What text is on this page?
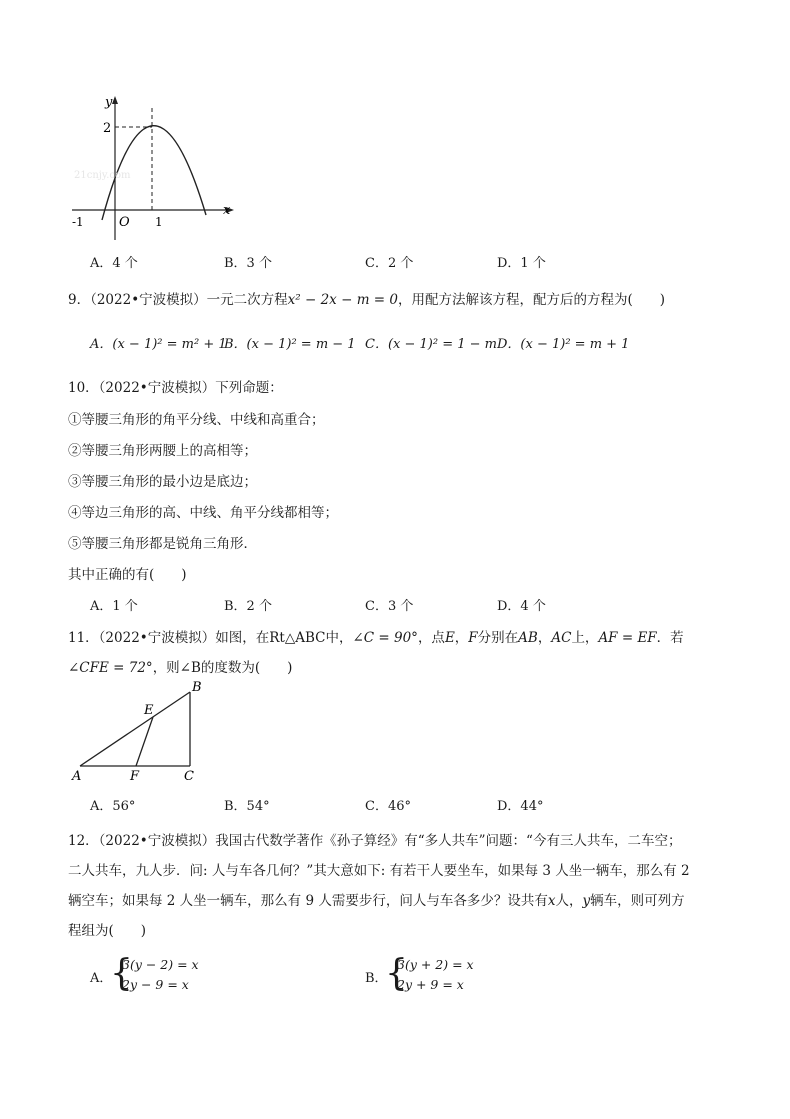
y
x
2
O
-1	1
21cnjy.com
A．4 个	B．3 个	C．2 个	D．1 个
9．（2022•宁波模拟）一元二次方程x² − 2x − m = 0，用配方法解该方程，配方后的方程为(　　)
A．(x − 1)² = m² + 1
B．(x − 1)² = m − 1 C．(x − 1)² = 1 − m D．(x − 1)² = m + 1
10．（2022•宁波模拟）下列命题：
①等腰三角形的角平分线、中线和高重合；
②等腰三角形两腰上的高相等；
③等腰三角形的最小边是底边；
④等边三角形的高、中线、角平分线都相等；
⑤等腰三角形都是锐角三角形．
其中正确的有(　　)
A．1 个	B．2 个	C．3 个	D．4 个
11．（2022•宁波模拟）如图，在Rt△ABC中，∠C = 90°，点E，F分别在AB，AC上，AF = EF．若
∠CFE = 72°，则∠B的度数为(　　)
A	F	C
B
E
A．56°	B．54°	C．46°	D．44°
12．（2022•宁波模拟）我国古代数学著作《孙子算经》有“多人共车”问题：“今有三人共车，二车空；
二人共车，九人步．问: 人与车各几何？”其大意如下: 有若干人要坐车，如果每 3 人坐一辆车，那么有 2
辆空车；如果每 2 人坐一辆车，那么有 9 人需要步行，问人与车各多少？设共有x人，y辆车，则可列方
程组为(　　)
A．
{
3(y − 2) = x
2y − 9 = x	B．
{
3(y + 2) = x
2y + 9 = x
